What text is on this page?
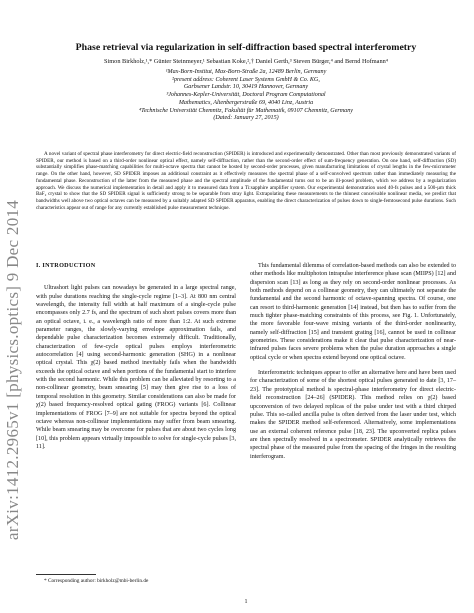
arXiv:1412.2965v1 [physics.optics] 9 Dec 2014
Phase retrieval via regularization in self-diffraction based spectral interferometry
Simon Birkholz,¹,* Günter Steinmeyer,¹ Sebastian Koke,²,† Daniel Gerth,³ Steven Bürger,⁴ and Bernd Hofmann⁴
¹Max-Born-Institut, Max-Born-Straße 2a, 12489 Berlin, Germany
²present address: Coherent Laser Systems GmbH & Co. KG,
Garbsener Landstr. 10, 30419 Hannover, Germany
³Johannes-Kepler-Universität, Doctoral Program Computational
Mathematics, Altenbergerstraße 69, 4040 Linz, Austria
⁴Technische Universität Chemnitz, Fakultät für Mathematik, 09107 Chemnitz, Germany
(Dated: January 27, 2015)
A novel variant of spectral phase interferometry for direct electric-field reconstruction (SPIDER) is introduced and experimentally demonstrated. Other than most previously demonstrated variants of SPIDER, our method is based on a third-order nonlinear optical effect, namely self-diffraction, rather than the second-order effect of sum-frequency generation. On one hand, self-diffraction (SD) substantially simplifies phase-matching capabilities for multi-octave spectra that cannot be hosted by second-order processes, given manufacturing limitations of crystal lengths in the few-micrometer range. On the other hand, however, SD SPIDER imposes an additional constraint as it effectively measures the spectral phase of a self-convolved spectrum rather than immediately measuring the fundamental phase. Reconstruction of the latter from the measured phase and the spectral amplitude of the fundamental turns out to be an ill-posed problem, which we address by a regularization approach. We discuss the numerical implementation in detail and apply it to measured data from a Ti:sapphire amplifier system. Our experimental demonstration used 40-fs pulses and a 500-µm thick BaF₂ crystal to show that the SD SPIDER signal is sufficiently strong to be separable from stray light. Extrapolating these measurements to the thinnest conceivable nonlinear media, we predict that bandwidths well above two optical octaves can be measured by a suitably adapted SD SPIDER apparatus, enabling the direct characterization of pulses down to single-femtosecond pulse durations. Such characteristics appear out of range for any currently established pulse measurement technique.
I. INTRODUCTION

Ultrashort light pulses can nowadays be generated in a large spectral range, with pulse durations reaching the single-cycle regime [1–3]. At 800 nm central wavelength, the intensity full width at half maximum of a single-cycle pulse encompasses only 2.7 fs, and the spectrum of such short pulses covers more than an optical octave, i. e., a wavelength ratio of more than 1:2. At such extreme parameter ranges, the slowly-varying envelope approximation fails, and dependable pulse characterization becomes extremely difficult. Traditionally, characterization of few-cycle optical pulses employs interferometric autocorrelation [4] using second-harmonic generation (SHG) in a nonlinear optical crystal. This χ(2) based method inevitably fails when the bandwidth exceeds the optical octave and when portions of the fundamental start to interfere with the second harmonic. While this problem can be alleviated by resorting to a non-collinear geometry, beam smearing [5] may then give rise to a loss of temporal resolution in this geometry. Similar considerations can also be made for χ(2) based frequency-resolved optical gating (FROG) variants [6]. Collinear implementations of FROG [7–9] are not suitable for spectra beyond the optical octave whereas non-collinear implementations may suffer from beam smearing. While beam smearing may be overcome for pulses that are about two cycles long [10], this problem appears virtually impossible to solve for single-cycle pulses [3, 11].

This fundamental dilemma of correlation-based methods can also be extended to other methods like multiphoton intrapulse interference phase scan (MIIPS) [12] and dispersion scan [13] as long as they rely on second-order nonlinear processes. As both methods depend on a collinear geometry, they can ultimately not separate the fundamental and the second harmonic of octave-spanning spectra. Of course, one can resort to third-harmonic generation [14] instead, but then has to suffer from the much tighter phase-matching constraints of this process, see Fig. 1. Unfortunately, the more favorable four-wave mixing variants of the third-order nonlinearity, namely self-diffraction [15] and transient grating [16], cannot be used in collinear geometries. These considerations make it clear that pulse characterization of near-infrared pulses faces severe problems when the pulse duration approaches a single optical cycle or when spectra extend beyond one optical octave.

Interferometric techniques appear to offer an alternative here and have been used for characterization of some of the shortest optical pulses generated to date [3, 17–23]. The prototypical method is spectral-phase interferometry for direct electric-field reconstruction [24–26] (SPIDER). This method relies on χ(2) based upconversion of two delayed replicas of the pulse under test with a third chirped pulse. This so-called ancilla pulse is often derived from the laser under test, which makes the SPIDER method self-referenced. Alternatively, some implementations use an external coherent reference pulse [18, 23]. The upconverted replica pulses are then spectrally resolved in a spectrometer. SPIDER analytically retrieves the spectral phase of the measured pulse from the spacing of the fringes in the resulting interferogram.

* Corresponding author: birkholz@mbi-berlin.de
1
